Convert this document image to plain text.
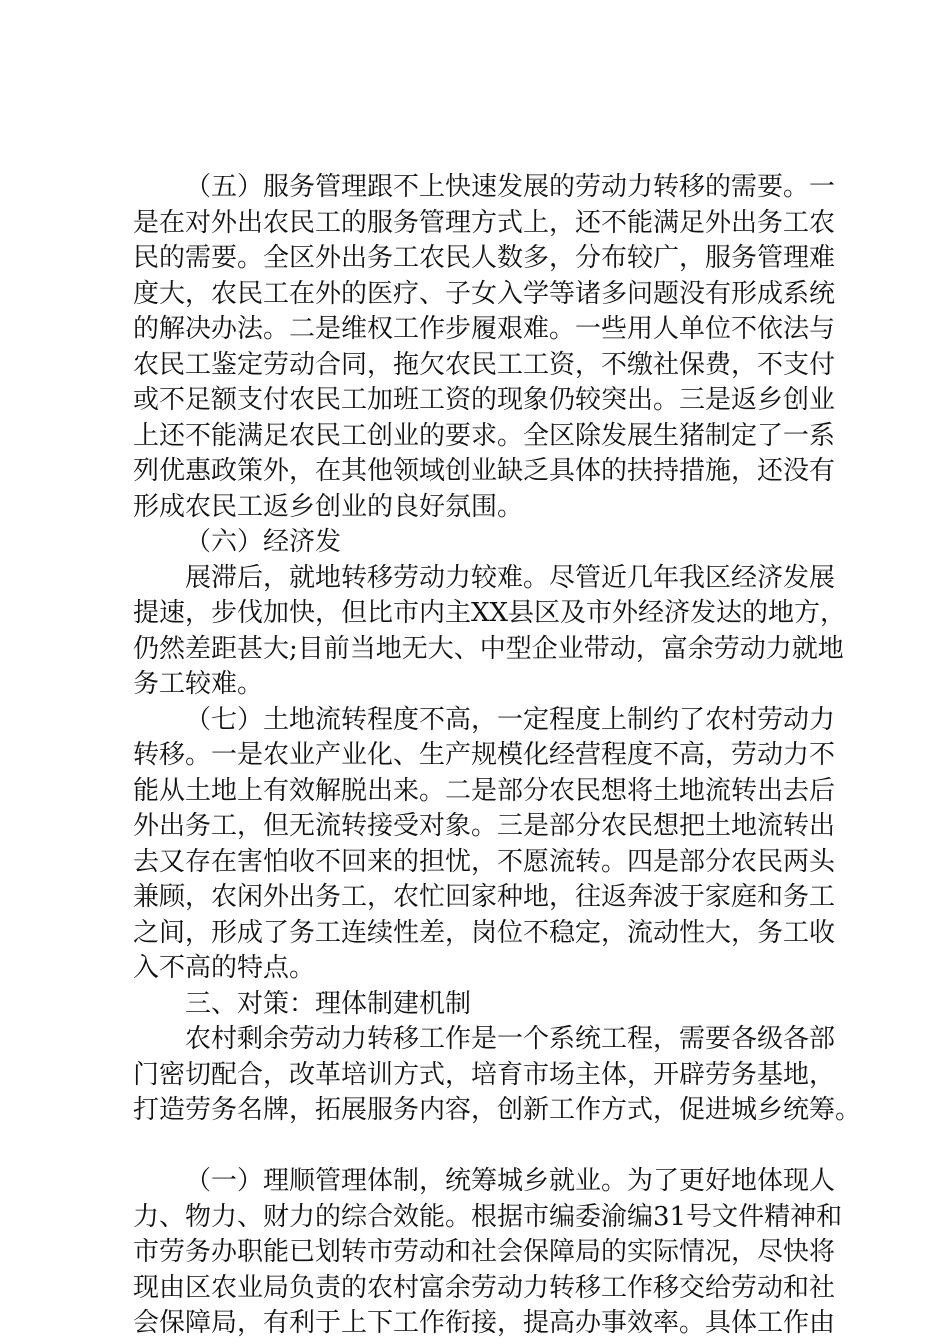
（五）服务管理跟不上快速发展的劳动力转移的需要。一
是在对外出农民工的服务管理方式上，还不能满足外出务工农
民的需要。全区外出务工农民人数多，分布较广，服务管理难
度大，农民工在外的医疗、子女入学等诸多问题没有形成系统
的解决办法。二是维权工作步履艰难。一些用人单位不依法与
农民工鉴定劳动合同，拖欠农民工工资，不缴社保费，不支付
或不足额支付农民工加班工资的现象仍较突出。三是返乡创业
上还不能满足农民工创业的要求。全区除发展生猪制定了一系
列优惠政策外，在其他领域创业缺乏具体的扶持措施，还没有
形成农民工返乡创业的良好氛围。
（六）经济发
展滞后，就地转移劳动力较难。尽管近几年我区经济发展
提速，步伐加快，但比市内主XX县区及市外经济发达的地方，
仍然差距甚大;目前当地无大、中型企业带动，富余劳动力就地
务工较难。
（七）土地流转程度不高，一定程度上制约了农村劳动力
转移。一是农业产业化、生产规模化经营程度不高，劳动力不
能从土地上有效解脱出来。二是部分农民想将土地流转出去后
外出务工，但无流转接受对象。三是部分农民想把土地流转出
去又存在害怕收不回来的担忧，不愿流转。四是部分农民两头
兼顾，农闲外出务工，农忙回家种地，往返奔波于家庭和务工
之间，形成了务工连续性差，岗位不稳定，流动性大，务工收
入不高的特点。
三、对策：理体制建机制
农村剩余劳动力转移工作是一个系统工程，需要各级各部
门密切配合，改革培训方式，培育市场主体，开辟劳务基地，
打造劳务名牌，拓展服务内容，创新工作方式，促进城乡统筹。
（一）理顺管理体制，统筹城乡就业。为了更好地体现人
力、物力、财力的综合效能。根据市编委渝编31号文件精神和
市劳务办职能已划转市劳动和社会保障局的实际情况，尽快将
现由区农业局负责的农村富余劳动力转移工作移交给劳动和社
会保障局，有利于上下工作衔接，提高办事效率。具体工作由
